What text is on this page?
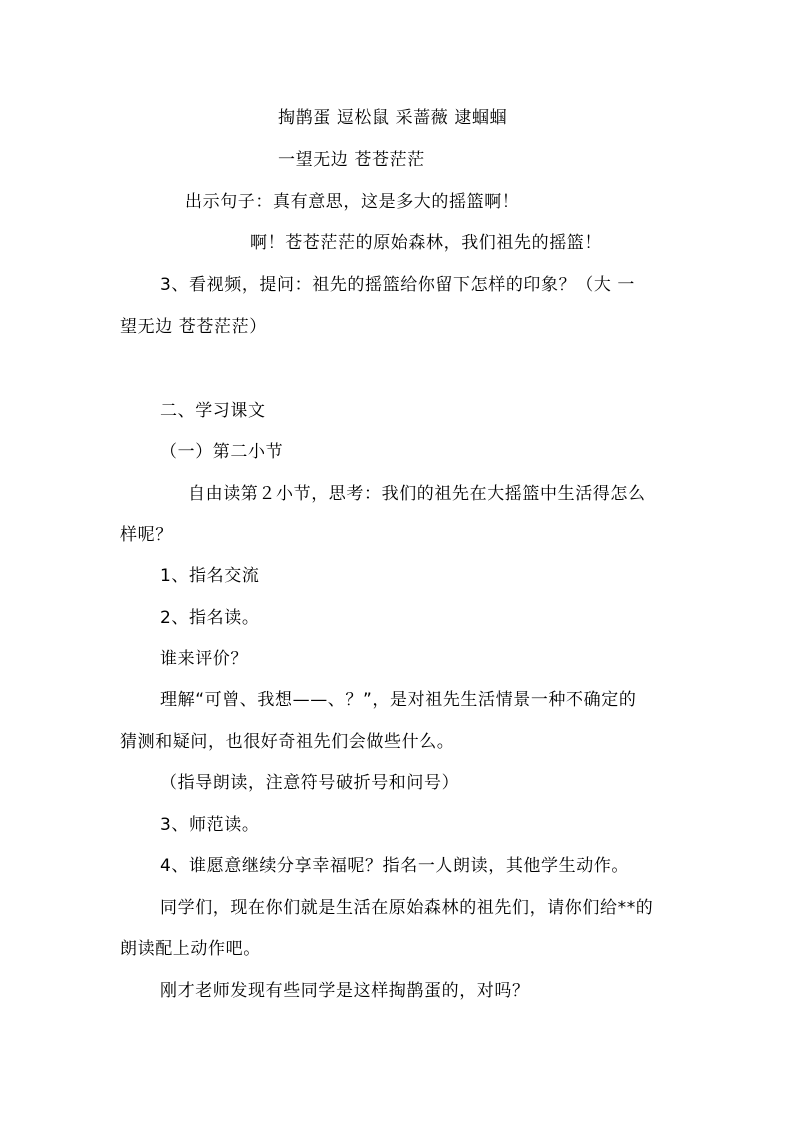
掏鹊蛋 逗松鼠 采蔷薇 逮蝈蝈
一望无边 苍苍茫茫
出示句子：真有意思，这是多大的摇篮啊！
啊！苍苍茫茫的原始森林，我们祖先的摇篮！
3、看视频，提问：祖先的摇篮给你留下怎样的印象？（大 一
望无边 苍苍茫茫）
二、学习课文
（一）第二小节
自由读第２小节，思考：我们的祖先在大摇篮中生活得怎么
样呢？
1、指名交流
2、指名读。
谁来评价？
理解“可曾、我想——、？”，是对祖先生活情景一种不确定的
猜测和疑问，也很好奇祖先们会做些什么。
（指导朗读，注意符号破折号和问号）
3、师范读。
4、谁愿意继续分享幸福呢？指名一人朗读，其他学生动作。
同学们，现在你们就是生活在原始森林的祖先们，请你们给**的
朗读配上动作吧。
刚才老师发现有些同学是这样掏鹊蛋的，对吗？
